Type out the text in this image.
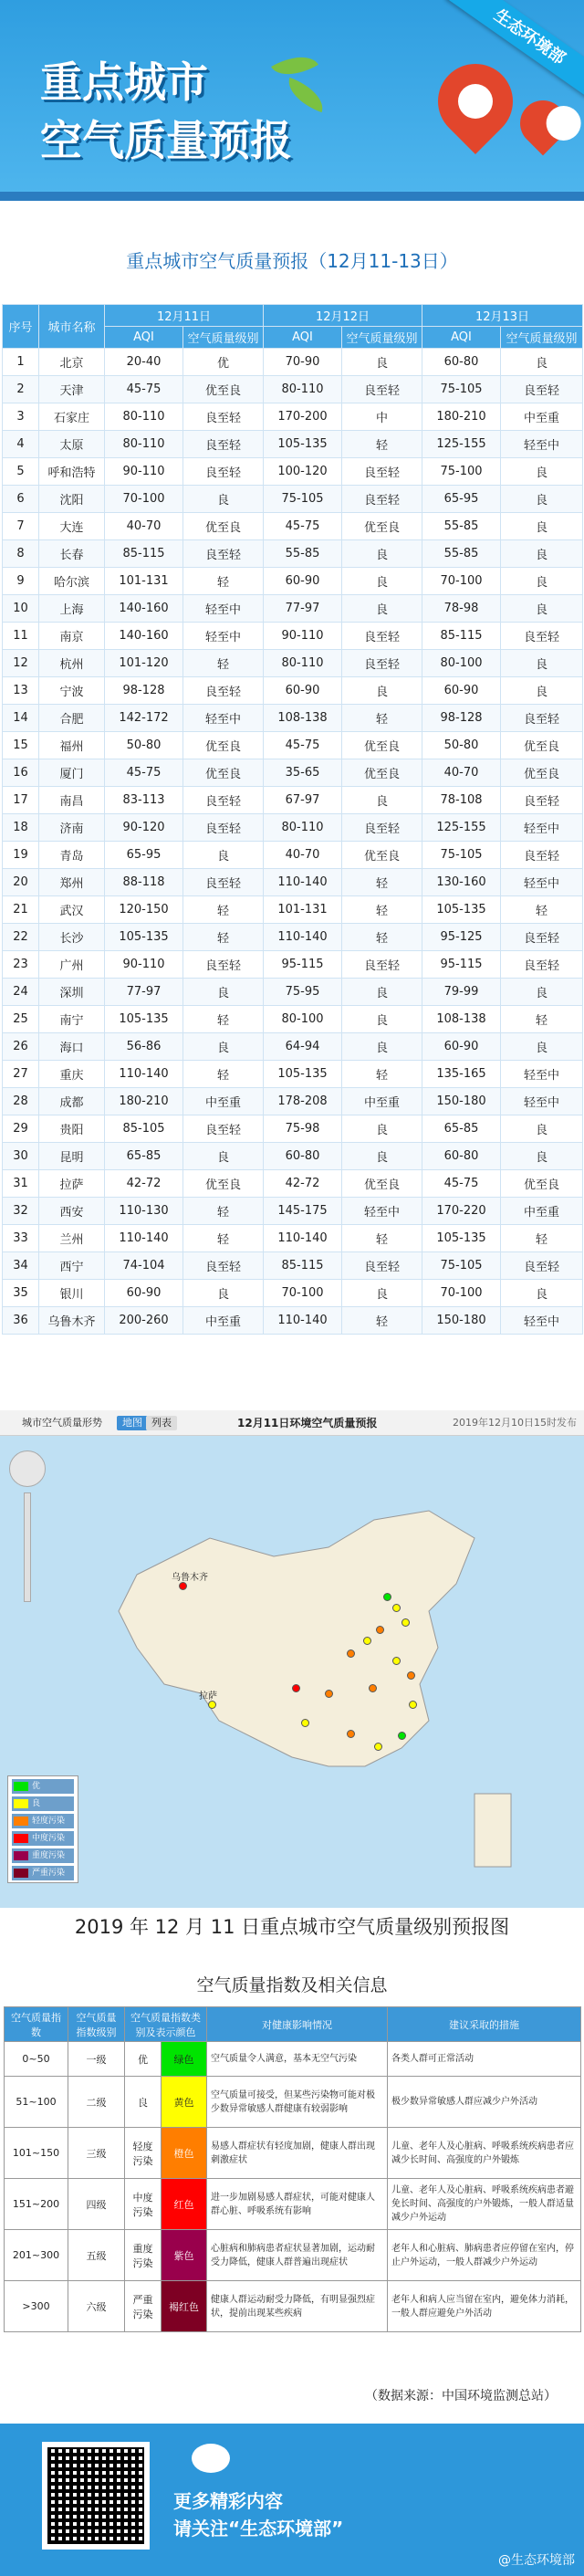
重点城市
空气质量预报
生态环境部
重点城市空气质量预报（12月11-13日）
序号	城市名称	12月11日		12月12日		12月13日	
		AQI	空气质量级别	AQI	空气质量级别	AQI	空气质量级别
1	北京	20-40	优	70-90	良	60-80	良
2	天津	45-75	优至良	80-110	良至轻	75-105	良至轻
3	石家庄	80-110	良至轻	170-200	中	180-210	中至重
4	太原	80-110	良至轻	105-135	轻	125-155	轻至中
5	呼和浩特	90-110	良至轻	100-120	良至轻	75-100	良
6	沈阳	70-100	良	75-105	良至轻	65-95	良
7	大连	40-70	优至良	45-75	优至良	55-85	良
8	长春	85-115	良至轻	55-85	良	55-85	良
9	哈尔滨	101-131	轻	60-90	良	70-100	良
10	上海	140-160	轻至中	77-97	良	78-98	良
11	南京	140-160	轻至中	90-110	良至轻	85-115	良至轻
12	杭州	101-120	轻	80-110	良至轻	80-100	良
13	宁波	98-128	良至轻	60-90	良	60-90	良
14	合肥	142-172	轻至中	108-138	轻	98-128	良至轻
15	福州	50-80	优至良	45-75	优至良	50-80	优至良
16	厦门	45-75	优至良	35-65	优至良	40-70	优至良
17	南昌	83-113	良至轻	67-97	良	78-108	良至轻
18	济南	90-120	良至轻	80-110	良至轻	125-155	轻至中
19	青岛	65-95	良	40-70	优至良	75-105	良至轻
20	郑州	88-118	良至轻	110-140	轻	130-160	轻至中
21	武汉	120-150	轻	101-131	轻	105-135	轻
22	长沙	105-135	轻	110-140	轻	95-125	良至轻
23	广州	90-110	良至轻	95-115	良至轻	95-115	良至轻
24	深圳	77-97	良	75-95	良	79-99	良
25	南宁	105-135	轻	80-100	良	108-138	轻
26	海口	56-86	良	64-94	良	60-90	良
27	重庆	110-140	轻	105-135	轻	135-165	轻至中
28	成都	180-210	中至重	178-208	中至重	150-180	轻至中
29	贵阳	85-105	良至轻	75-98	良	65-85	良
30	昆明	65-85	良	60-80	良	60-80	良
31	拉萨	42-72	优至良	42-72	优至良	45-75	优至良
32	西安	110-130	轻	145-175	轻至中	170-220	中至重
33	兰州	110-140	轻	110-140	轻	105-135	轻
34	西宁	74-104	良至轻	85-115	良至轻	75-105	良至轻
35	银川	60-90	良	70-100	良	70-100	良
36	乌鲁木齐	200-260	中至重	110-140	轻	150-180	轻至中
城市空气质量形势	地图 列表	12月11日环境空气质量预报	2019年12月10日15时发布
乌鲁木齐
拉萨
优
良
轻度污染
中度污染
重度污染
严重污染
2019 年 12 月 11 日重点城市空气质量级别预报图
空气质量指数及相关信息
空气质量指数	空气质量指数级别	空气质量指数类别及表示颜色		对健康影响情况	建议采取的措施
0~50	一级	优	绿色	空气质量令人满意，基本无空气污染	各类人群可正常活动
51~100	二级	良	黄色	空气质量可接受，但某些污染物可能对极少数异常敏感人群健康有较弱影响	极少数异常敏感人群应减少户外活动
101~150	三级	轻度污染	橙色	易感人群症状有轻度加剧，健康人群出现刺激症状	儿童、老年人及心脏病、呼吸系统疾病患者应减少长时间、高强度的户外锻炼
151~200	四级	中度污染	红色	进一步加剧易感人群症状，可能对健康人群心脏、呼吸系统有影响	儿童、老年人及心脏病、呼吸系统疾病患者避免长时间、高强度的户外锻炼，一般人群适量减少户外运动
201~300	五级	重度污染	紫色	心脏病和肺病患者症状显著加剧，运动耐受力降低，健康人群普遍出现症状	老年人和心脏病、肺病患者应停留在室内，停止户外运动，一般人群减少户外运动
>300	六级	严重污染	褐红色	健康人群运动耐受力降低，有明显强烈症状，提前出现某些疾病	老年人和病人应当留在室内，避免体力消耗，一般人群应避免户外活动
（数据来源：中国环境监测总站）
更多精彩内容
请关注“生态环境部”
@生态环境部
